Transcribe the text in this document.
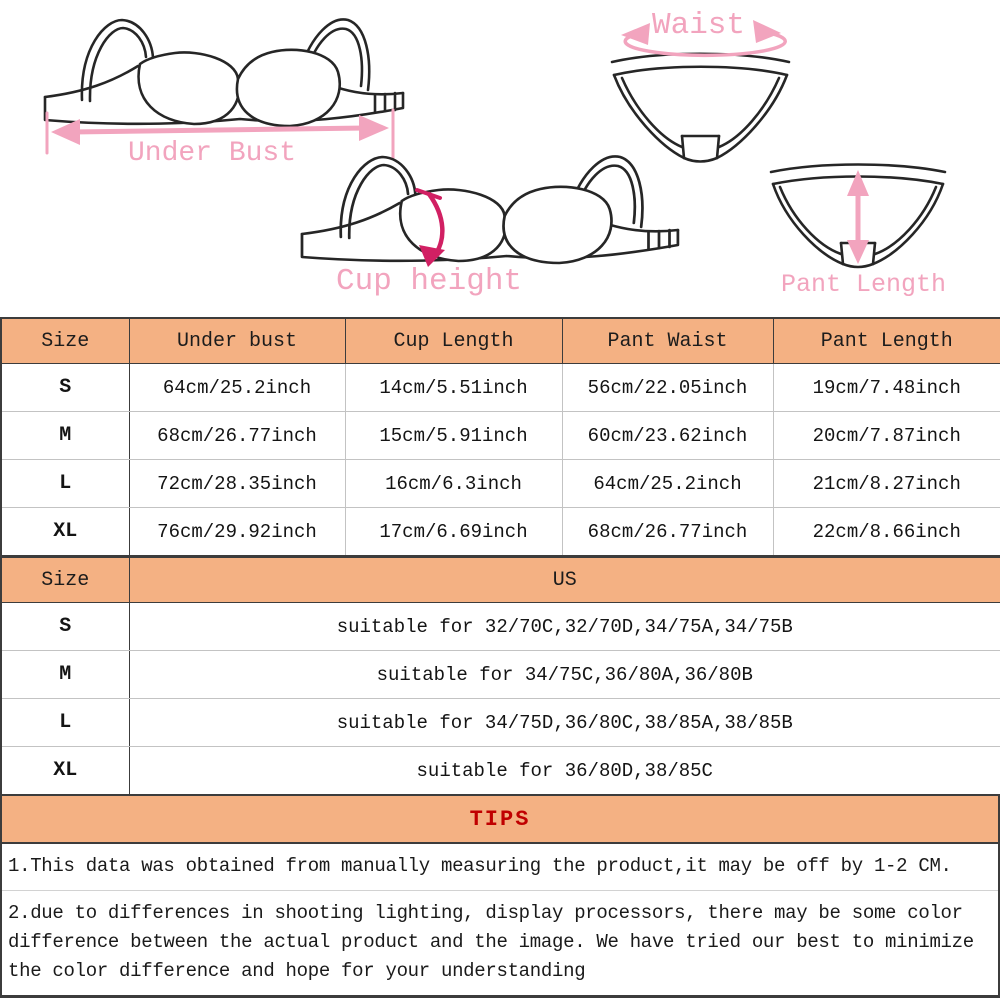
Under Bust
Cup height
Waist
Pant Length
Size	Under bust	Cup Length	Pant Waist	Pant Length
S	64cm/25.2inch	14cm/5.51inch	56cm/22.05inch	19cm/7.48inch
M	68cm/26.77inch	15cm/5.91inch	60cm/23.62inch	20cm/7.87inch
L	72cm/28.35inch	16cm/6.3inch	64cm/25.2inch	21cm/8.27inch
XL	76cm/29.92inch	17cm/6.69inch	68cm/26.77inch	22cm/8.66inch
Size	US
S	suitable for 32/70C,32/70D,34/75A,34/75B
M	suitable for 34/75C,36/80A,36/80B
L	suitable for 34/75D,36/80C,38/85A,38/85B
XL	suitable for 36/80D,38/85C
TIPS
1.This data was obtained from manually measuring the product,it may be off by 1-2 CM.
2.due to differences in shooting lighting, display processors, there may be some color difference between the actual product and the image. We have tried our best to minimize the color difference and hope for your understanding
